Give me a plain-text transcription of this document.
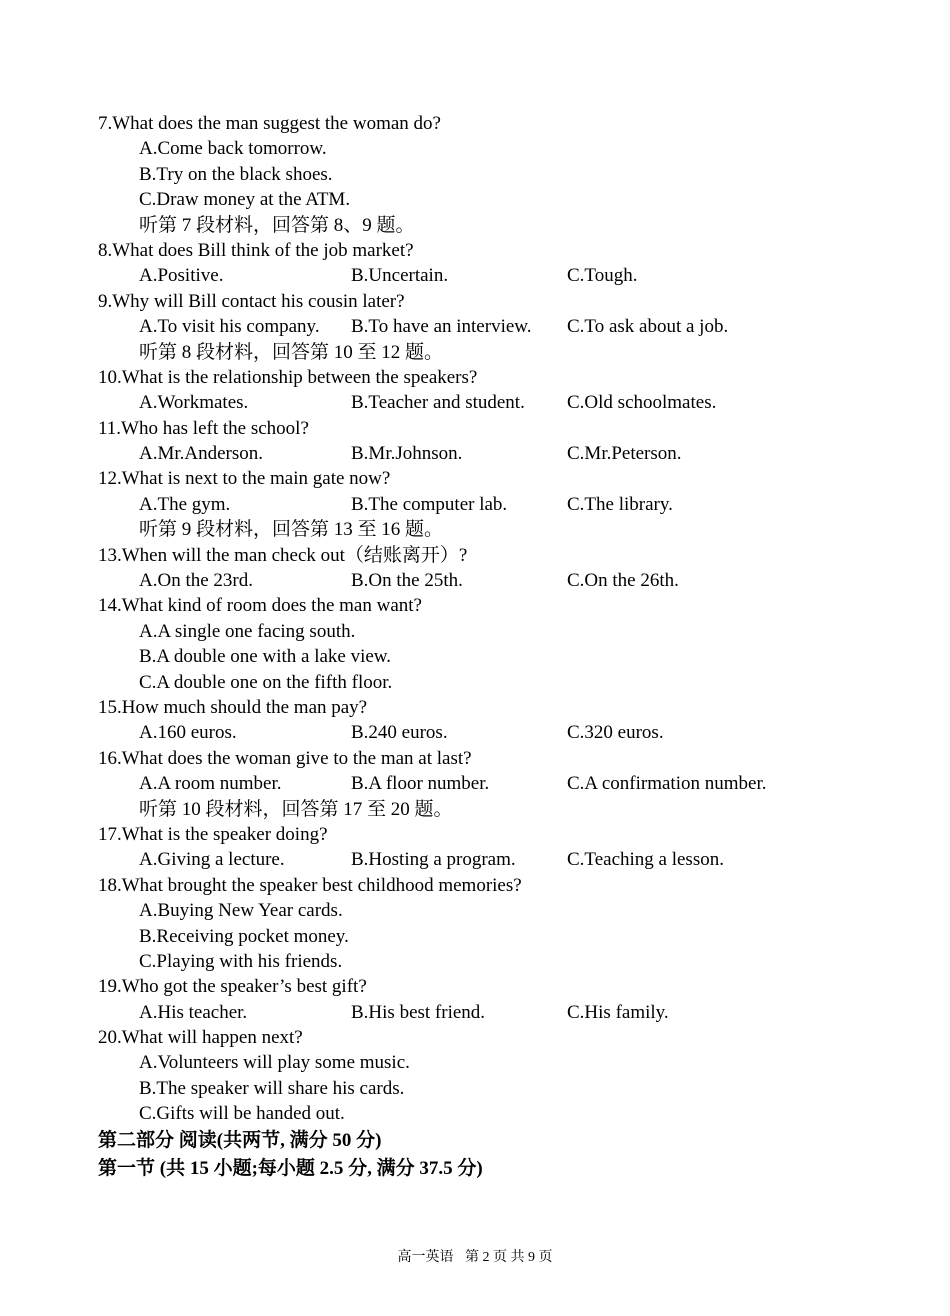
7.What does the man suggest the woman do?
A.Come back tomorrow.
B.Try on the black shoes.
C.Draw money at the ATM.
听第 7 段材料，回答第 8、9 题。
8.What does Bill think of the job market?
A.Positive.	B.Uncertain.	C.Tough.
9.Why will Bill contact his cousin later?
A.To visit his company. B.To have an interview. C.To ask about a job.
听第 8 段材料，回答第 10 至 12 题。
10.What is the relationship between the speakers?
A.Workmates.	B.Teacher and student. C.Old schoolmates.
11.Who has left the school?
A.Mr.Anderson.	B.Mr.Johnson.	C.Mr.Peterson.
12.What is next to the main gate now?
A.The gym.	B.The computer lab.	C.The library.
听第 9 段材料，回答第 13 至 16 题。
13.When will the man check out（结账离开）?
A.On the 23rd.	B.On the 25th.	C.On the 26th.
14.What kind of room does the man want?
A.A single one facing south.
B.A double one with a lake view.
C.A double one on the fifth floor.
15.How much should the man pay?
A.160 euros.	B.240 euros.	C.320 euros.
16.What does the woman give to the man at last?
A.A room number.	B.A floor number.	C.A confirmation number.
听第 10 段材料，回答第 17 至 20 题。
17.What is the speaker doing?
A.Giving a lecture.	B.Hosting a program.	C.Teaching a lesson.
18.What brought the speaker best childhood memories?
A.Buying New Year cards.
B.Receiving pocket money.
C.Playing with his friends.
19.Who got the speaker’s best gift?
A.His teacher.	B.His best friend.	C.His family.
20.What will happen next?
A.Volunteers will play some music.
B.The speaker will share his cards.
C.Gifts will be handed out.
第二部分 阅读(共两节, 满分 50 分)
第一节 (共 15 小题;每小题 2.5 分, 满分 37.5 分)
高一英语 第 2 页 共 9 页
